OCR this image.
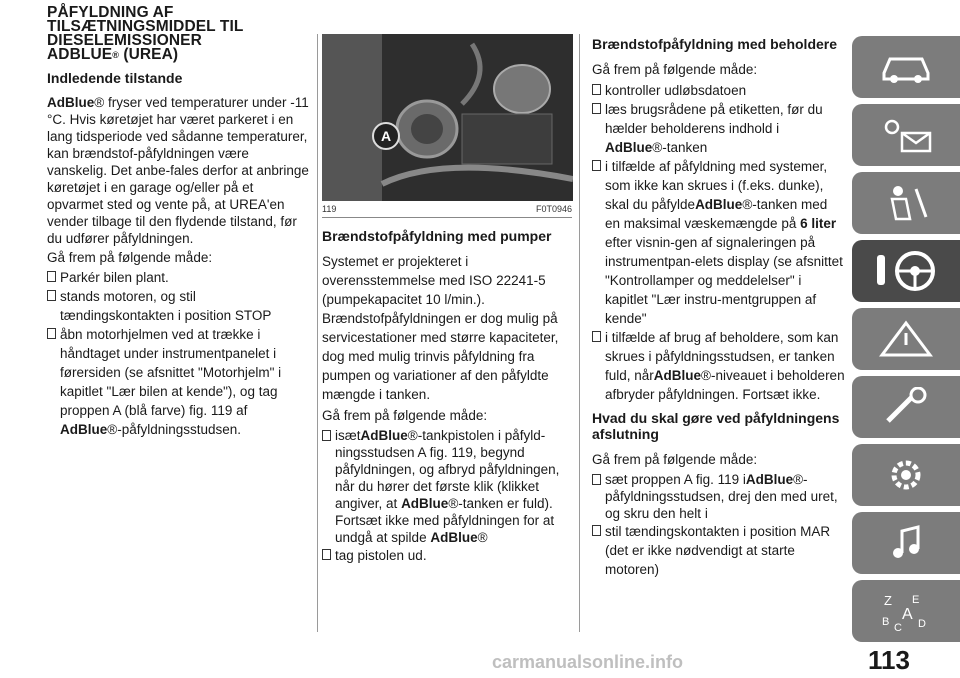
PÅFYLDNING AF
TILSÆTNINGSMIDDEL TIL
DIESELEMISSIONER
ADBLUE® (UREA)
Indledende tilstande

AdBlue® fryser ved temperaturer under -11 °C. Hvis køretøjet har været parkeret i en lang tidsperiode ved sådanne temperaturer, kan brændstof-påfyldningen være vanskelig. Det anbe-fales derfor at anbringe køretøjet i en garage og/eller på et opvarmet sted og vente på, at UREA'en vender tilbage til den flydende tilstand, før du udfører påfyldningen.

Gå frem på følgende måde:

Parkér bilen plant.
stands motoren, og stil tændingskontakten i position STOP
åbn motorhjelmen ved at trække i håndtaget under instrumentpanelet i førersiden (se afsnittet "Motorhjelm" i kapitlet "Lær bilen at kende"), og tag proppen A (blå farve) fig. 119 af AdBlue®-påfyldningsstudsen.
A
119	F0T0946
Brændstofpåfyldning med pumper

Systemet er projekteret i overensstemmelse med ISO 22241-5 (pumpekapacitet 10 l/min.). Brændstofpåfyldningen er dog mulig på servicestationer med større kapaciteter, dog med mulig trinvis påfyldning fra pumpen og variationer af den påfyldte mængde i tanken.

Gå frem på følgende måde:

isætAdBlue®-tankpistolen i påfyld-ningsstudsen A fig. 119, begynd påfyldningen, og afbryd påfyldningen, når du hører det første klik (klikket angiver, at AdBlue®-tanken er fuld). Fortsæt ikke med påfyldningen for at undgå at spilde AdBlue®
tag pistolen ud.
Brændstofpåfyldning med beholdere

Gå frem på følgende måde:

kontroller udløbsdatoen
læs brugsrådene på etiketten, før du hælder beholderens indhold i
AdBlue®-tanken
i tilfælde af påfyldning med systemer, som ikke kan skrues i (f.eks. dunke), skal du påfyldeAdBlue®-tanken med en maksimal væskemængde på 6 liter efter visnin-gen af signaleringen på instrumentpan-elets display (se afsnittet "Kontrollamper og meddelelser" i kapitlet "Lær instru-mentgruppen af kende"
i tilfælde af brug af beholdere, som kan skrues i påfyldningsstudsen, er tanken fuld, nårAdBlue®-niveauet i beholderen afbryder påfyldningen. Fortsæt ikke.
Hvad du skal gøre ved påfyldningens afslutning

Gå frem på følgende måde:

sæt proppen A fig. 119 iAdBlue®-påfyldningsstudsen, drej den med uret, og skru den helt i
stil tændingskontakten i position MAR (det er ikke nødvendigt at starte motoren)
Z E
A
B	D
C
113
carmanualsonline.info
